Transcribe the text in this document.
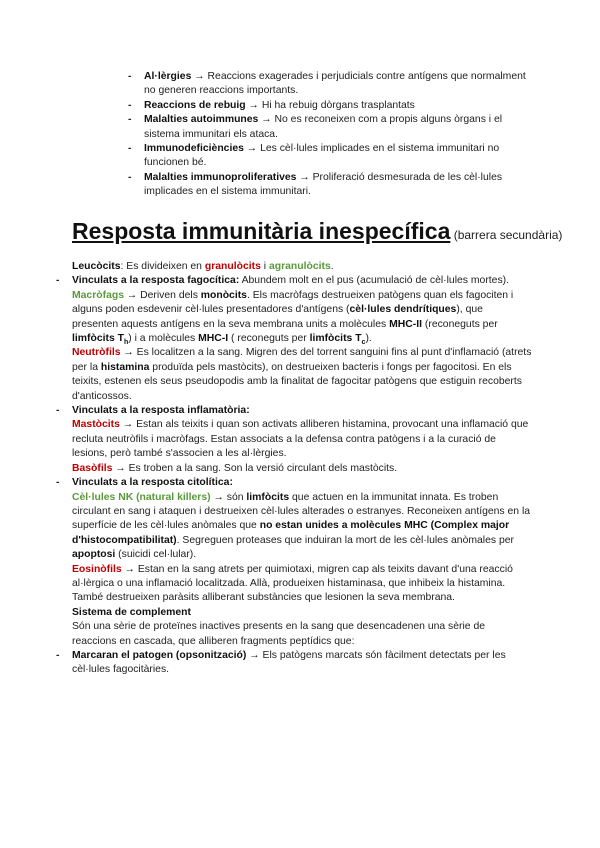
- Al·lèrgies → Reaccions exagerades i perjudicials contre antígens que normalment no generen reaccions importants.
- Reaccions de rebuig → Hi ha rebuig dòrgans trasplantats
- Malalties autoimmunes → No es reconeixen com a propis alguns òrgans i el sistema immunitari els ataca.
- Immunodeficiències → Les cèl·lules implicades en el sistema immunitari no funcionen bé.
- Malalties immunoproliferatives → Proliferació desmesurada de les cèl·lules implicades en el sistema immunitari.
Resposta immunitària inespecífica (barrera secundària)

Leucòcits: Es divideixen en granulòcits i agranulòcits.

- Vinculats a la resposta fagocítica: Abundem molt en el pus (acumulació de cèl·lules mortes).
Macròfags → Deriven dels monòcits. Els macròfags destrueixen patògens quan els fagociten i alguns poden esdevenir cèl·lules presentadores d'antígens (cèl·lules dendrítiques), que presenten aquests antígens en la seva membrana units a molècules MHC-II (reconeguts per limfòcits $T_h$) i a molècules MHC-I ( reconeguts per limfòcits $T_c$).
Neutròfils → Es localitzen a la sang. Migren des del torrent sanguini fins al punt d'inflamació (atrets per la histamina produïda pels mastòcits), on destrueixen bacteris i fongs per fagocitosi. En els teixits, estenen els seus pseudopodis amb la finalitat de fagocitar patògens que estiguin recoberts d'anticossos.
- Vinculats a la resposta inflamatòria:
Mastòcits → Estan als teixits i quan son activats alliberen histamina, provocant una inflamació que recluta neutròfils i macròfags. Estan associats a la defensa contra patògens i a la curació de lesions, però també s'associen a les al·lèrgies.
Basòfils → Es troben a la sang. Son la versió circulant dels mastòcits.
- Vinculats a la resposta citolítica:
Cèl·lules NK (natural killers) → són limfòcits que actuen en la immunitat innata. Es troben circulant en sang i ataquen i destrueixen cèl·lules alterades o estranyes. Reconeixen antígens en la superfície de les cèl·lules anòmales que no estan unides a molècules MHC (Complex major d'histocompatibilitat). Segreguen proteases que induiran la mort de les cèl·lules anòmales per apoptosi (suicidi cel·lular).
Eosinòfils → Estan en la sang atrets per quimiotaxi, migren cap als teixits davant d'una reacció al·lèrgica o una inflamació localitzada. Allà, produeixen histaminasa, que inhibeix la histamina. També destrueixen paràsits alliberant substàncies que lesionen la seva membrana.

Sistema de complement

Són una sèrie de proteïnes inactives presents en la sang que desencadenen una sèrie de reaccions en cascada, que alliberen fragments peptídics que:

- Marcaran el patogen (opsonització) → Els patògens marcats són fàcilment detectats per les cèl·lules fagocitàries.
